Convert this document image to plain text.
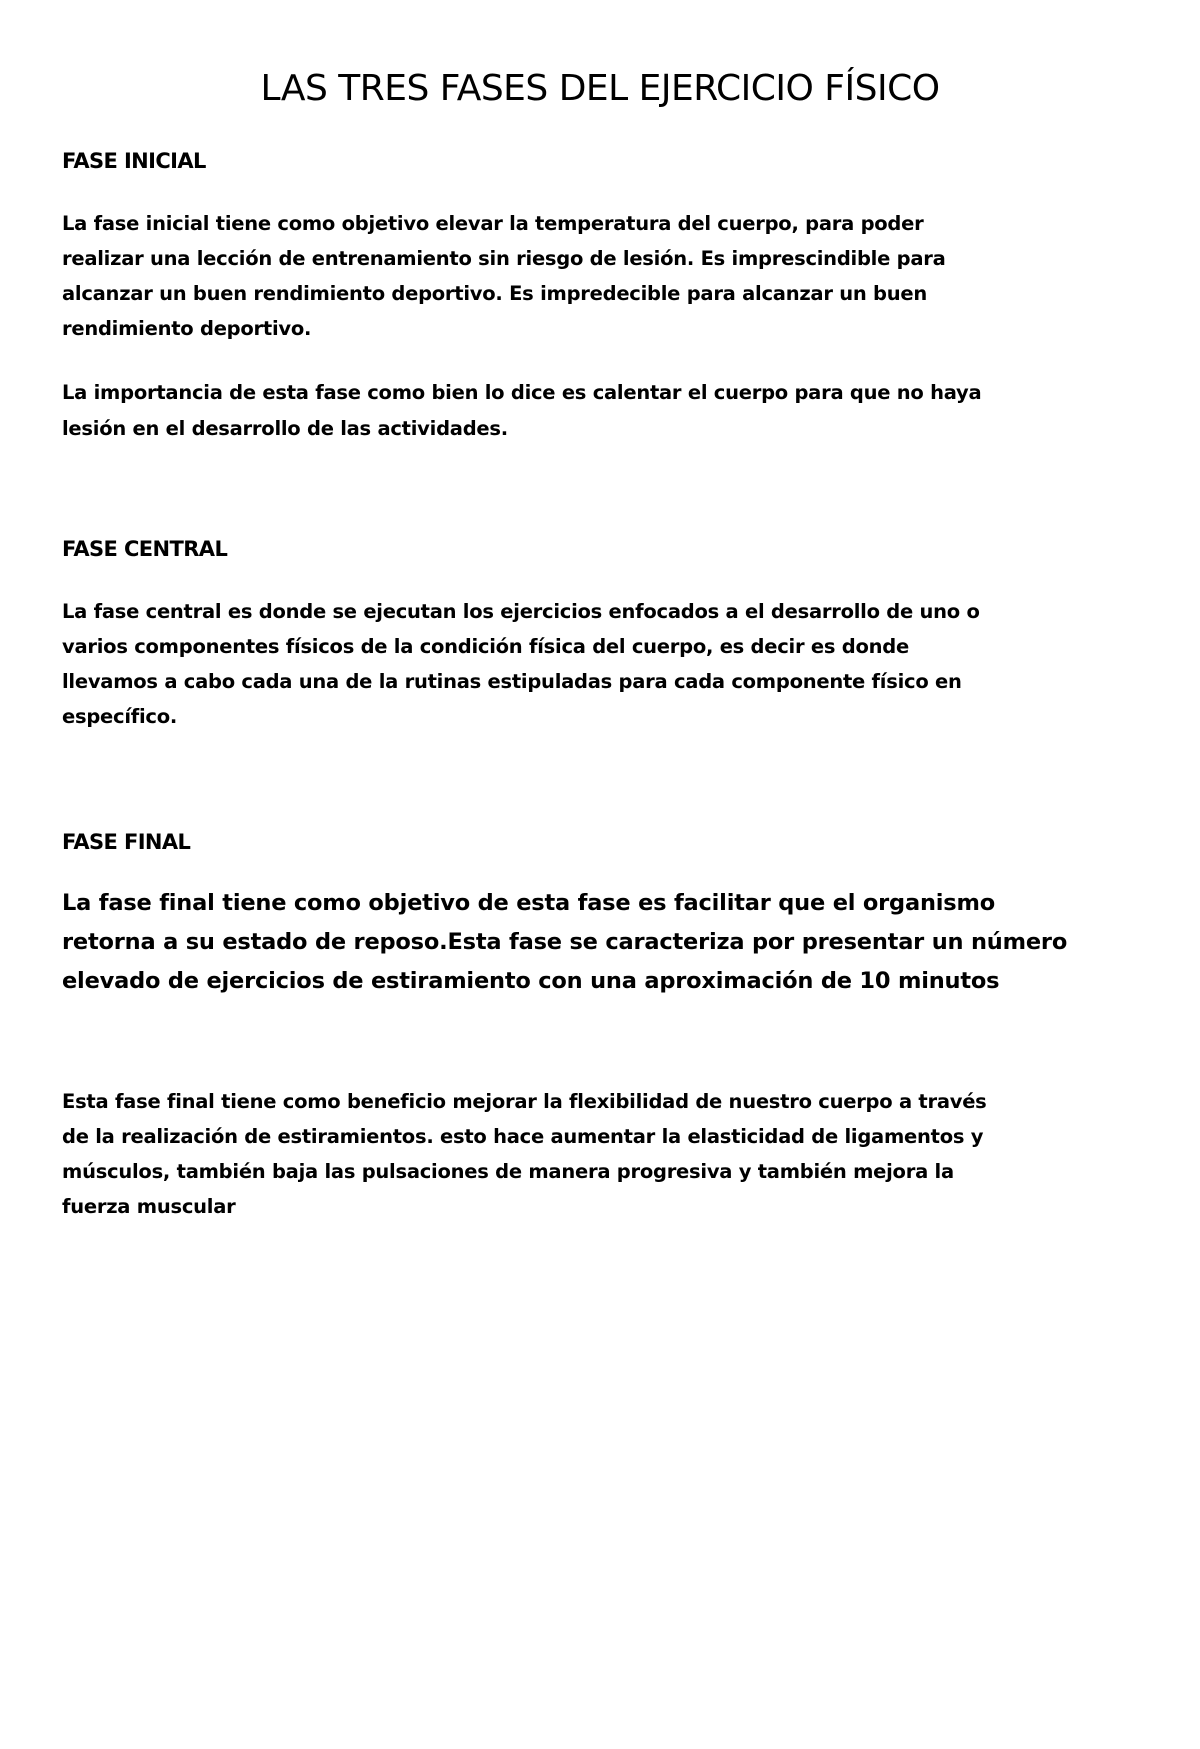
LAS TRES FASES DEL EJERCICIO FÍSICO
FASE INICIAL

La fase inicial tiene como objetivo elevar la temperatura del cuerpo, para poder
realizar una lección de entrenamiento sin riesgo de lesión. Es imprescindible para
alcanzar un buen rendimiento deportivo. Es impredecible para alcanzar un buen
rendimiento deportivo.

La importancia de esta fase como bien lo dice es calentar el cuerpo para que no haya
lesión en el desarrollo de las actividades.

FASE CENTRAL

La fase central es donde se ejecutan los ejercicios enfocados a el desarrollo de uno o
varios componentes físicos de la condición física del cuerpo, es decir es donde
llevamos a cabo cada una de la rutinas estipuladas para cada componente físico en
específico.

FASE FINAL

La fase final tiene como objetivo de esta fase es facilitar que el organismo
retorna a su estado de reposo.Esta fase se caracteriza por presentar un número
elevado de ejercicios de estiramiento con una aproximación de 10 minutos

Esta fase final tiene como beneficio mejorar la flexibilidad de nuestro cuerpo a través
de la realización de estiramientos. esto hace aumentar la elasticidad de ligamentos y
músculos, también baja las pulsaciones de manera progresiva y también mejora la
fuerza muscular
